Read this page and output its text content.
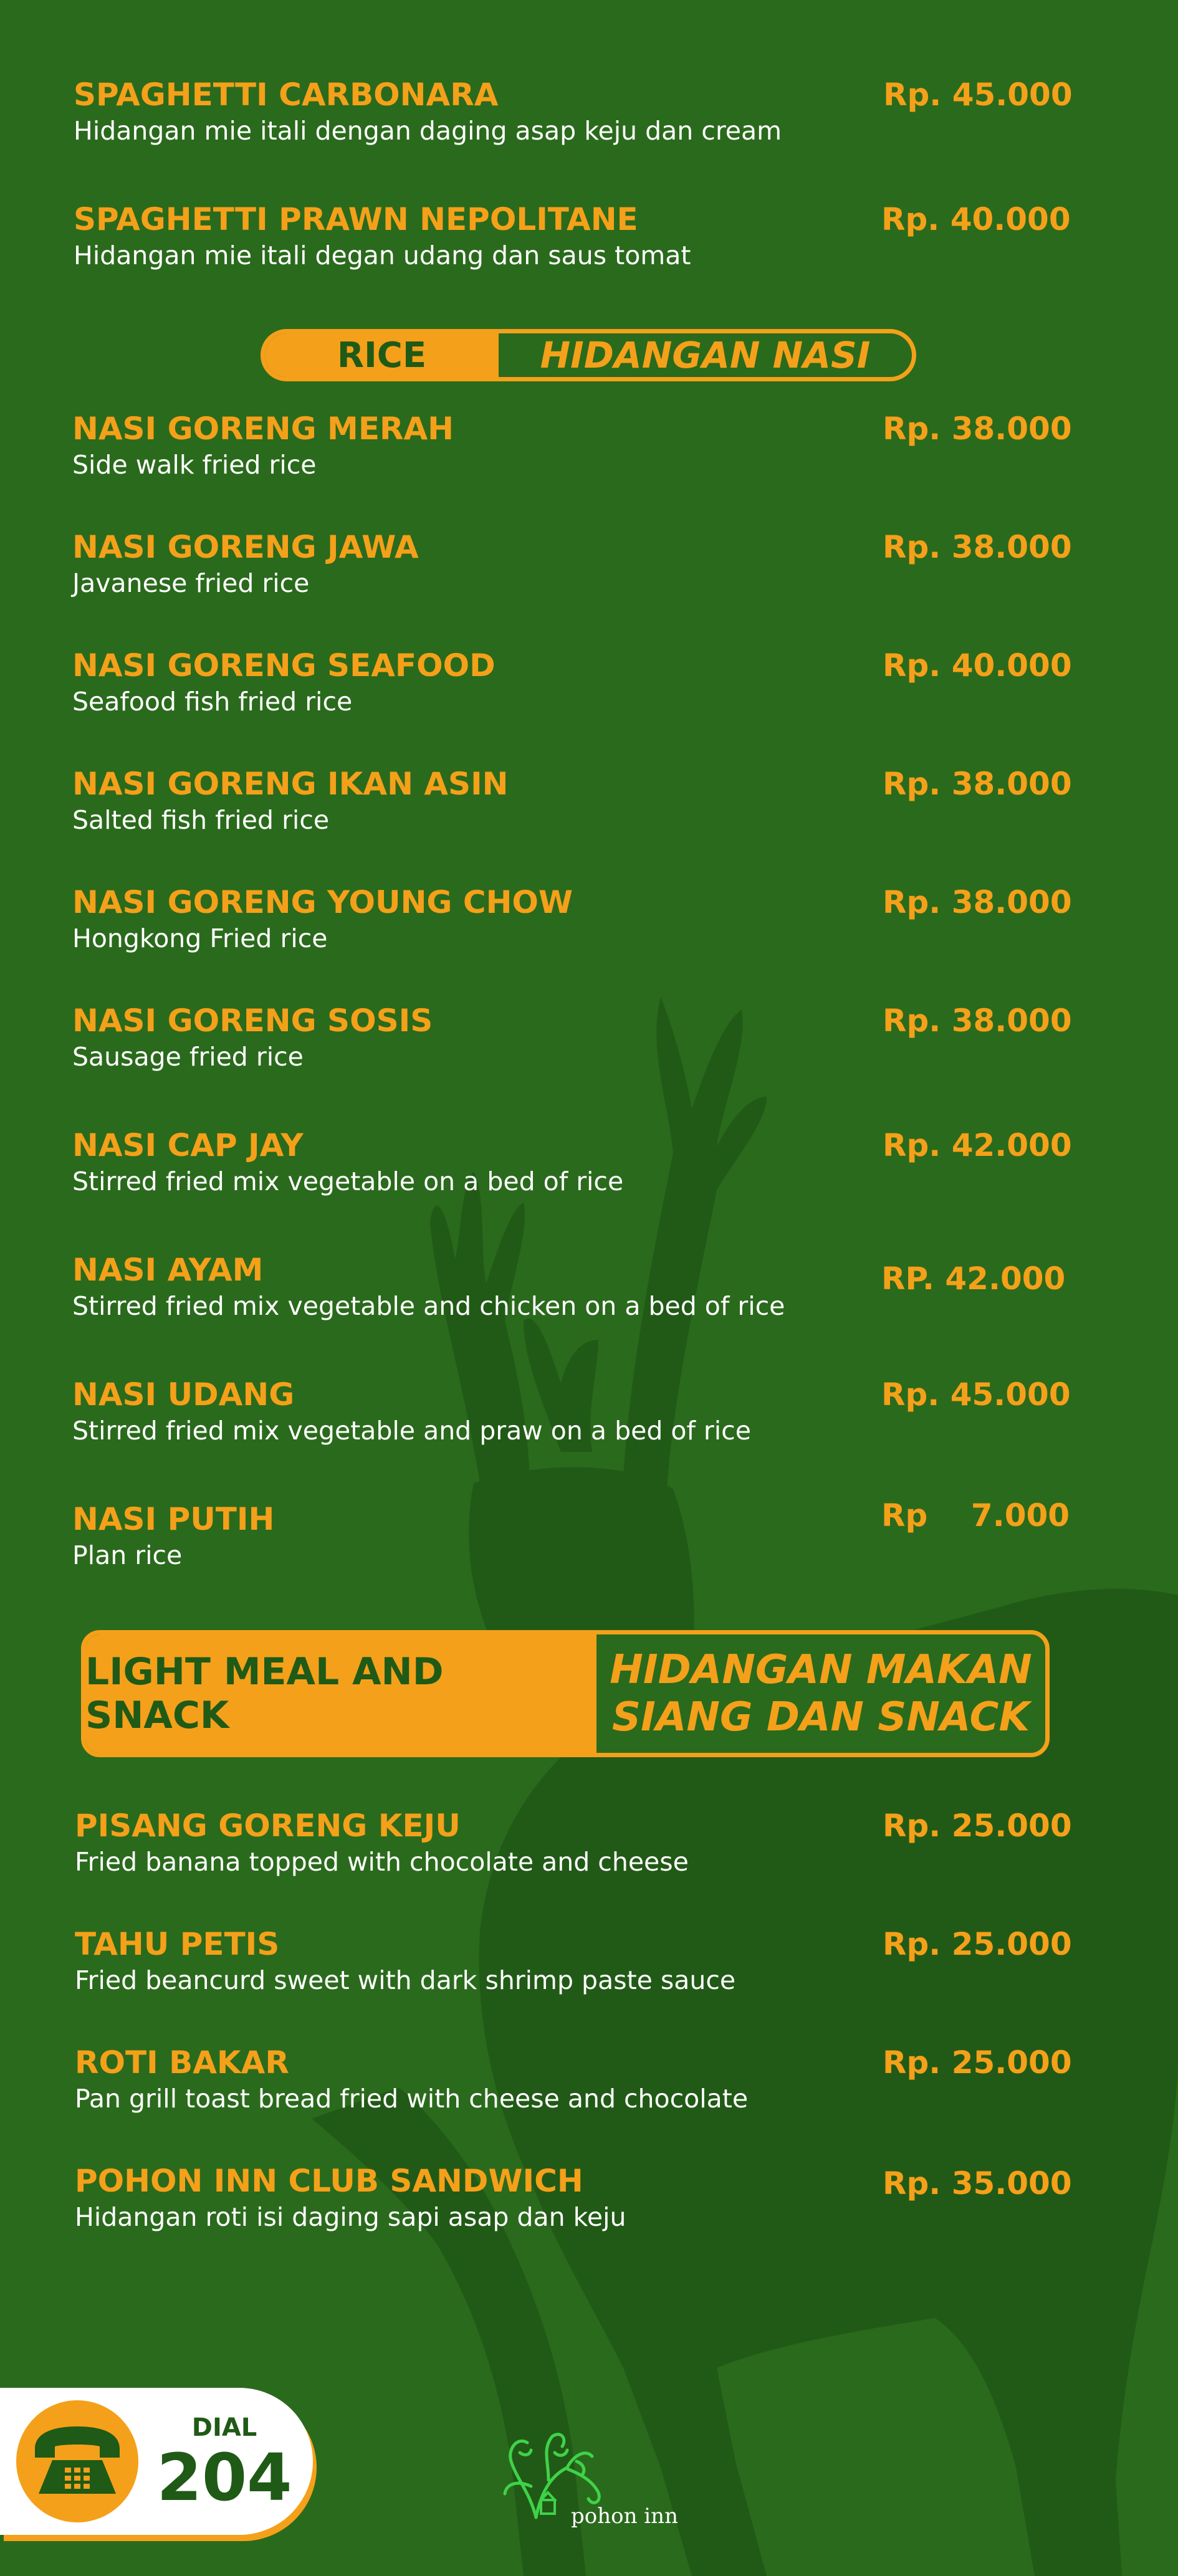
SPAGHETTI CARBONARA
Hidangan mie itali dengan daging asap keju dan cream
Rp. 45.000
SPAGHETTI PRAWN NEPOLITANE
Hidangan mie itali degan udang dan saus tomat
Rp. 40.000
RICE	HIDANGAN NASI
NASI GORENG MERAH
Side walk fried rice
Rp. 38.000
NASI GORENG JAWA
Javanese fried rice
Rp. 38.000
NASI GORENG SEAFOOD
Seafood fish fried rice
Rp. 40.000
NASI GORENG IKAN ASIN
Salted fish fried rice
Rp. 38.000
NASI GORENG YOUNG CHOW
Hongkong Fried rice
Rp. 38.000
NASI GORENG SOSIS
Sausage fried rice
Rp. 38.000
NASI CAP JAY
Stirred fried mix vegetable on a bed of rice
Rp. 42.000
NASI AYAM
Stirred fried mix vegetable and chicken on a bed of rice
RP. 42.000
NASI UDANG
Stirred fried mix vegetable and praw on a bed of rice
Rp. 45.000
NASI PUTIH
Plan rice
Rp    7.000
LIGHT MEAL AND SNACK
HIDANGAN MAKAN
SIANG DAN SNACK
PISANG GORENG KEJU
Fried banana topped with chocolate and cheese
Rp. 25.000
TAHU PETIS
Fried beancurd sweet with dark shrimp paste sauce
Rp. 25.000
ROTI BAKAR
Pan grill toast bread fried with cheese and chocolate
Rp. 25.000
POHON INN CLUB SANDWICH
Hidangan roti isi daging sapi asap dan keju
Rp. 35.000
DIAL
204
pohon inn
